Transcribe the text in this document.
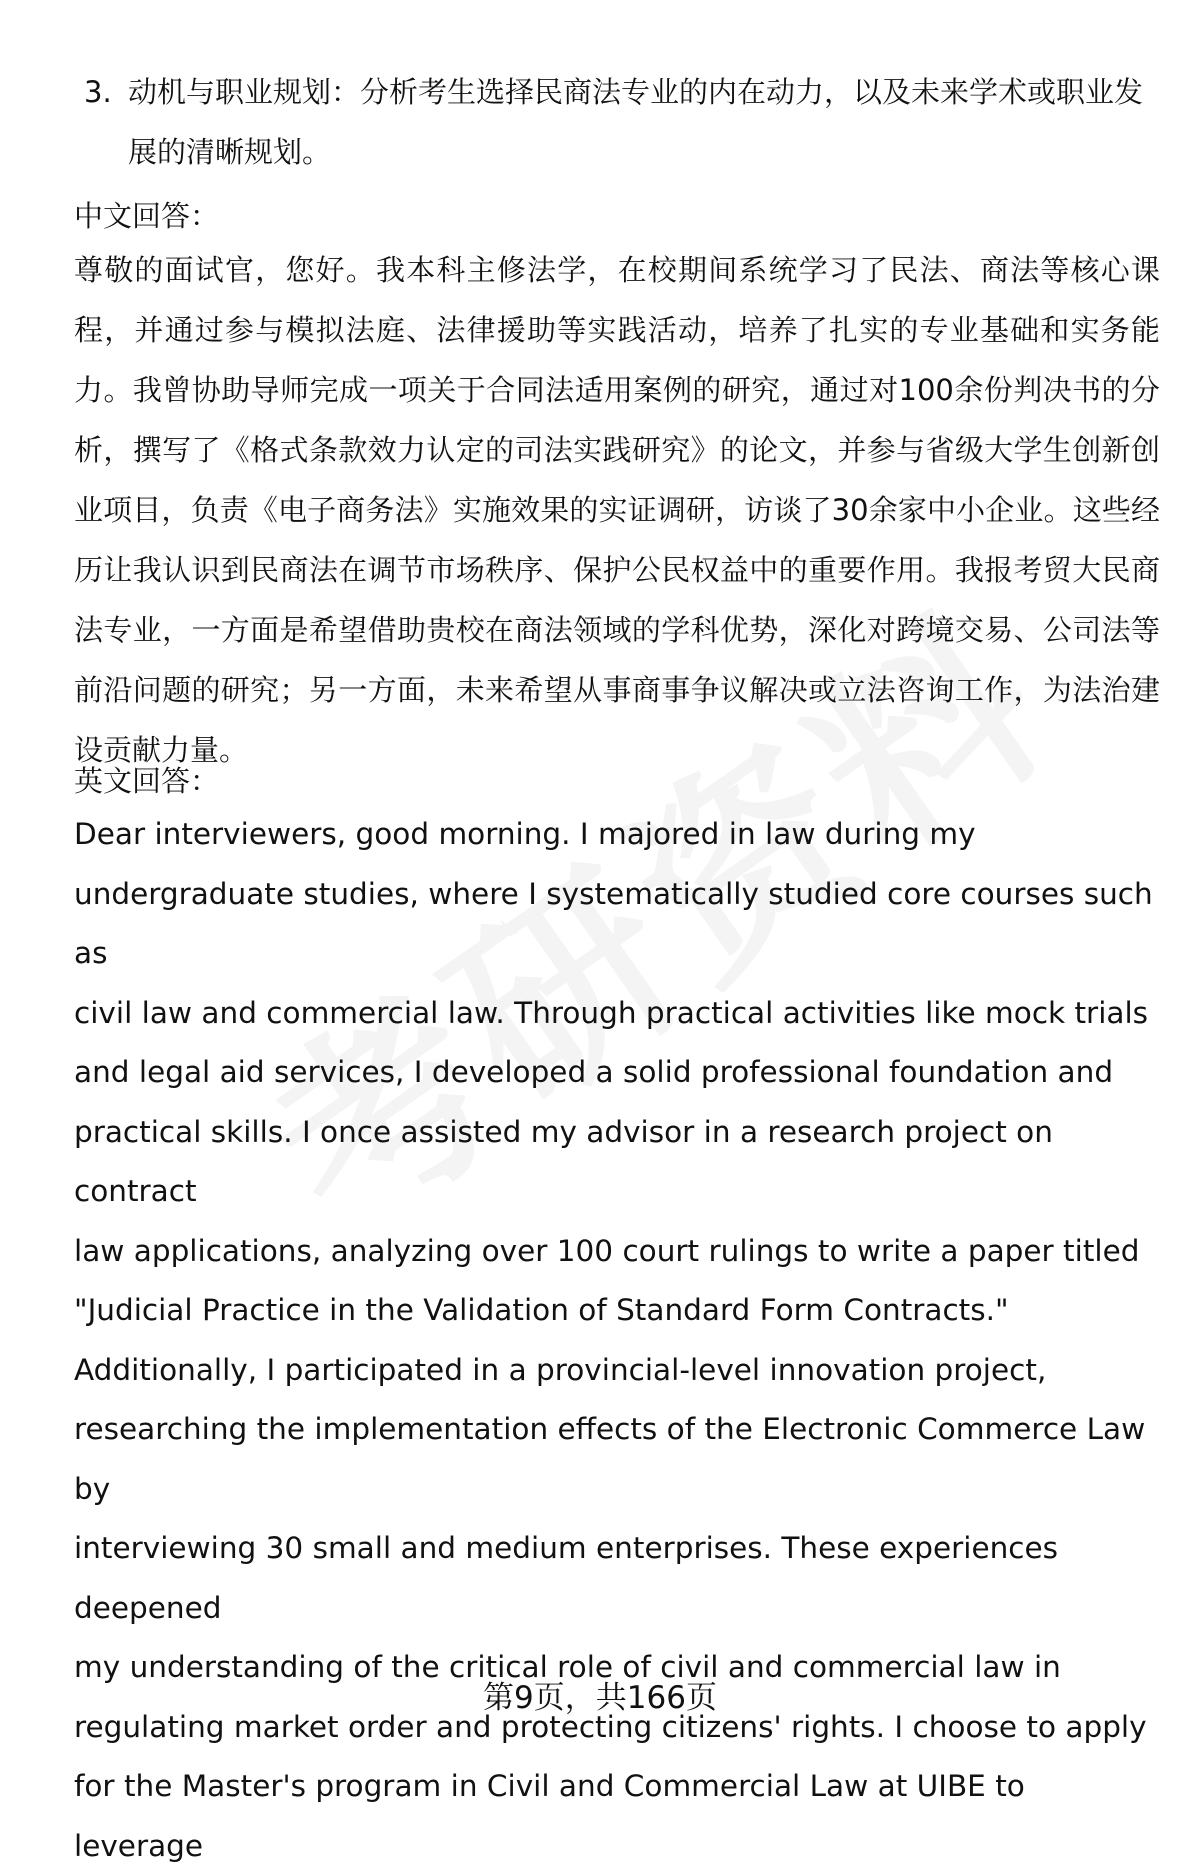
3. 动机与职业规划：分析考生选择民商法专业的内在动力，以及未来学术或职业发展的清晰规划。
中文回答：
尊敬的面试官，您好。我本科主修法学，在校期间系统学习了民法、商法等核心课程，并通过参与模拟法庭、法律援助等实践活动，培养了扎实的专业基础和实务能力。我曾协助导师完成一项关于合同法适用案例的研究，通过对100余份判决书的分析，撰写了《格式条款效力认定的司法实践研究》的论文，并参与省级大学生创新创业项目，负责《电子商务法》实施效果的实证调研，访谈了30余家中小企业。这些经历让我认识到民商法在调节市场秩序、保护公民权益中的重要作用。我报考贸大民商法专业，一方面是希望借助贵校在商法领域的学科优势，深化对跨境交易、公司法等前沿问题的研究；另一方面，未来希望从事商事争议解决或立法咨询工作，为法治建设贡献力量。
英文回答：
Dear interviewers, good morning. I majored in law during my
undergraduate studies, where I systematically studied core courses such as
civil law and commercial law. Through practical activities like mock trials
and legal aid services, I developed a solid professional foundation and
practical skills. I once assisted my advisor in a research project on contract
law applications, analyzing over 100 court rulings to write a paper titled
"Judicial Practice in the Validation of Standard Form Contracts."
Additionally, I participated in a provincial-level innovation project,
researching the implementation effects of the Electronic Commerce Law by
interviewing 30 small and medium enterprises. These experiences deepened
my understanding of the critical role of civil and commercial law in
regulating market order and protecting citizens' rights. I choose to apply
for the Master's program in Civil and Commercial Law at UIBE to leverage
第9页，共166页
